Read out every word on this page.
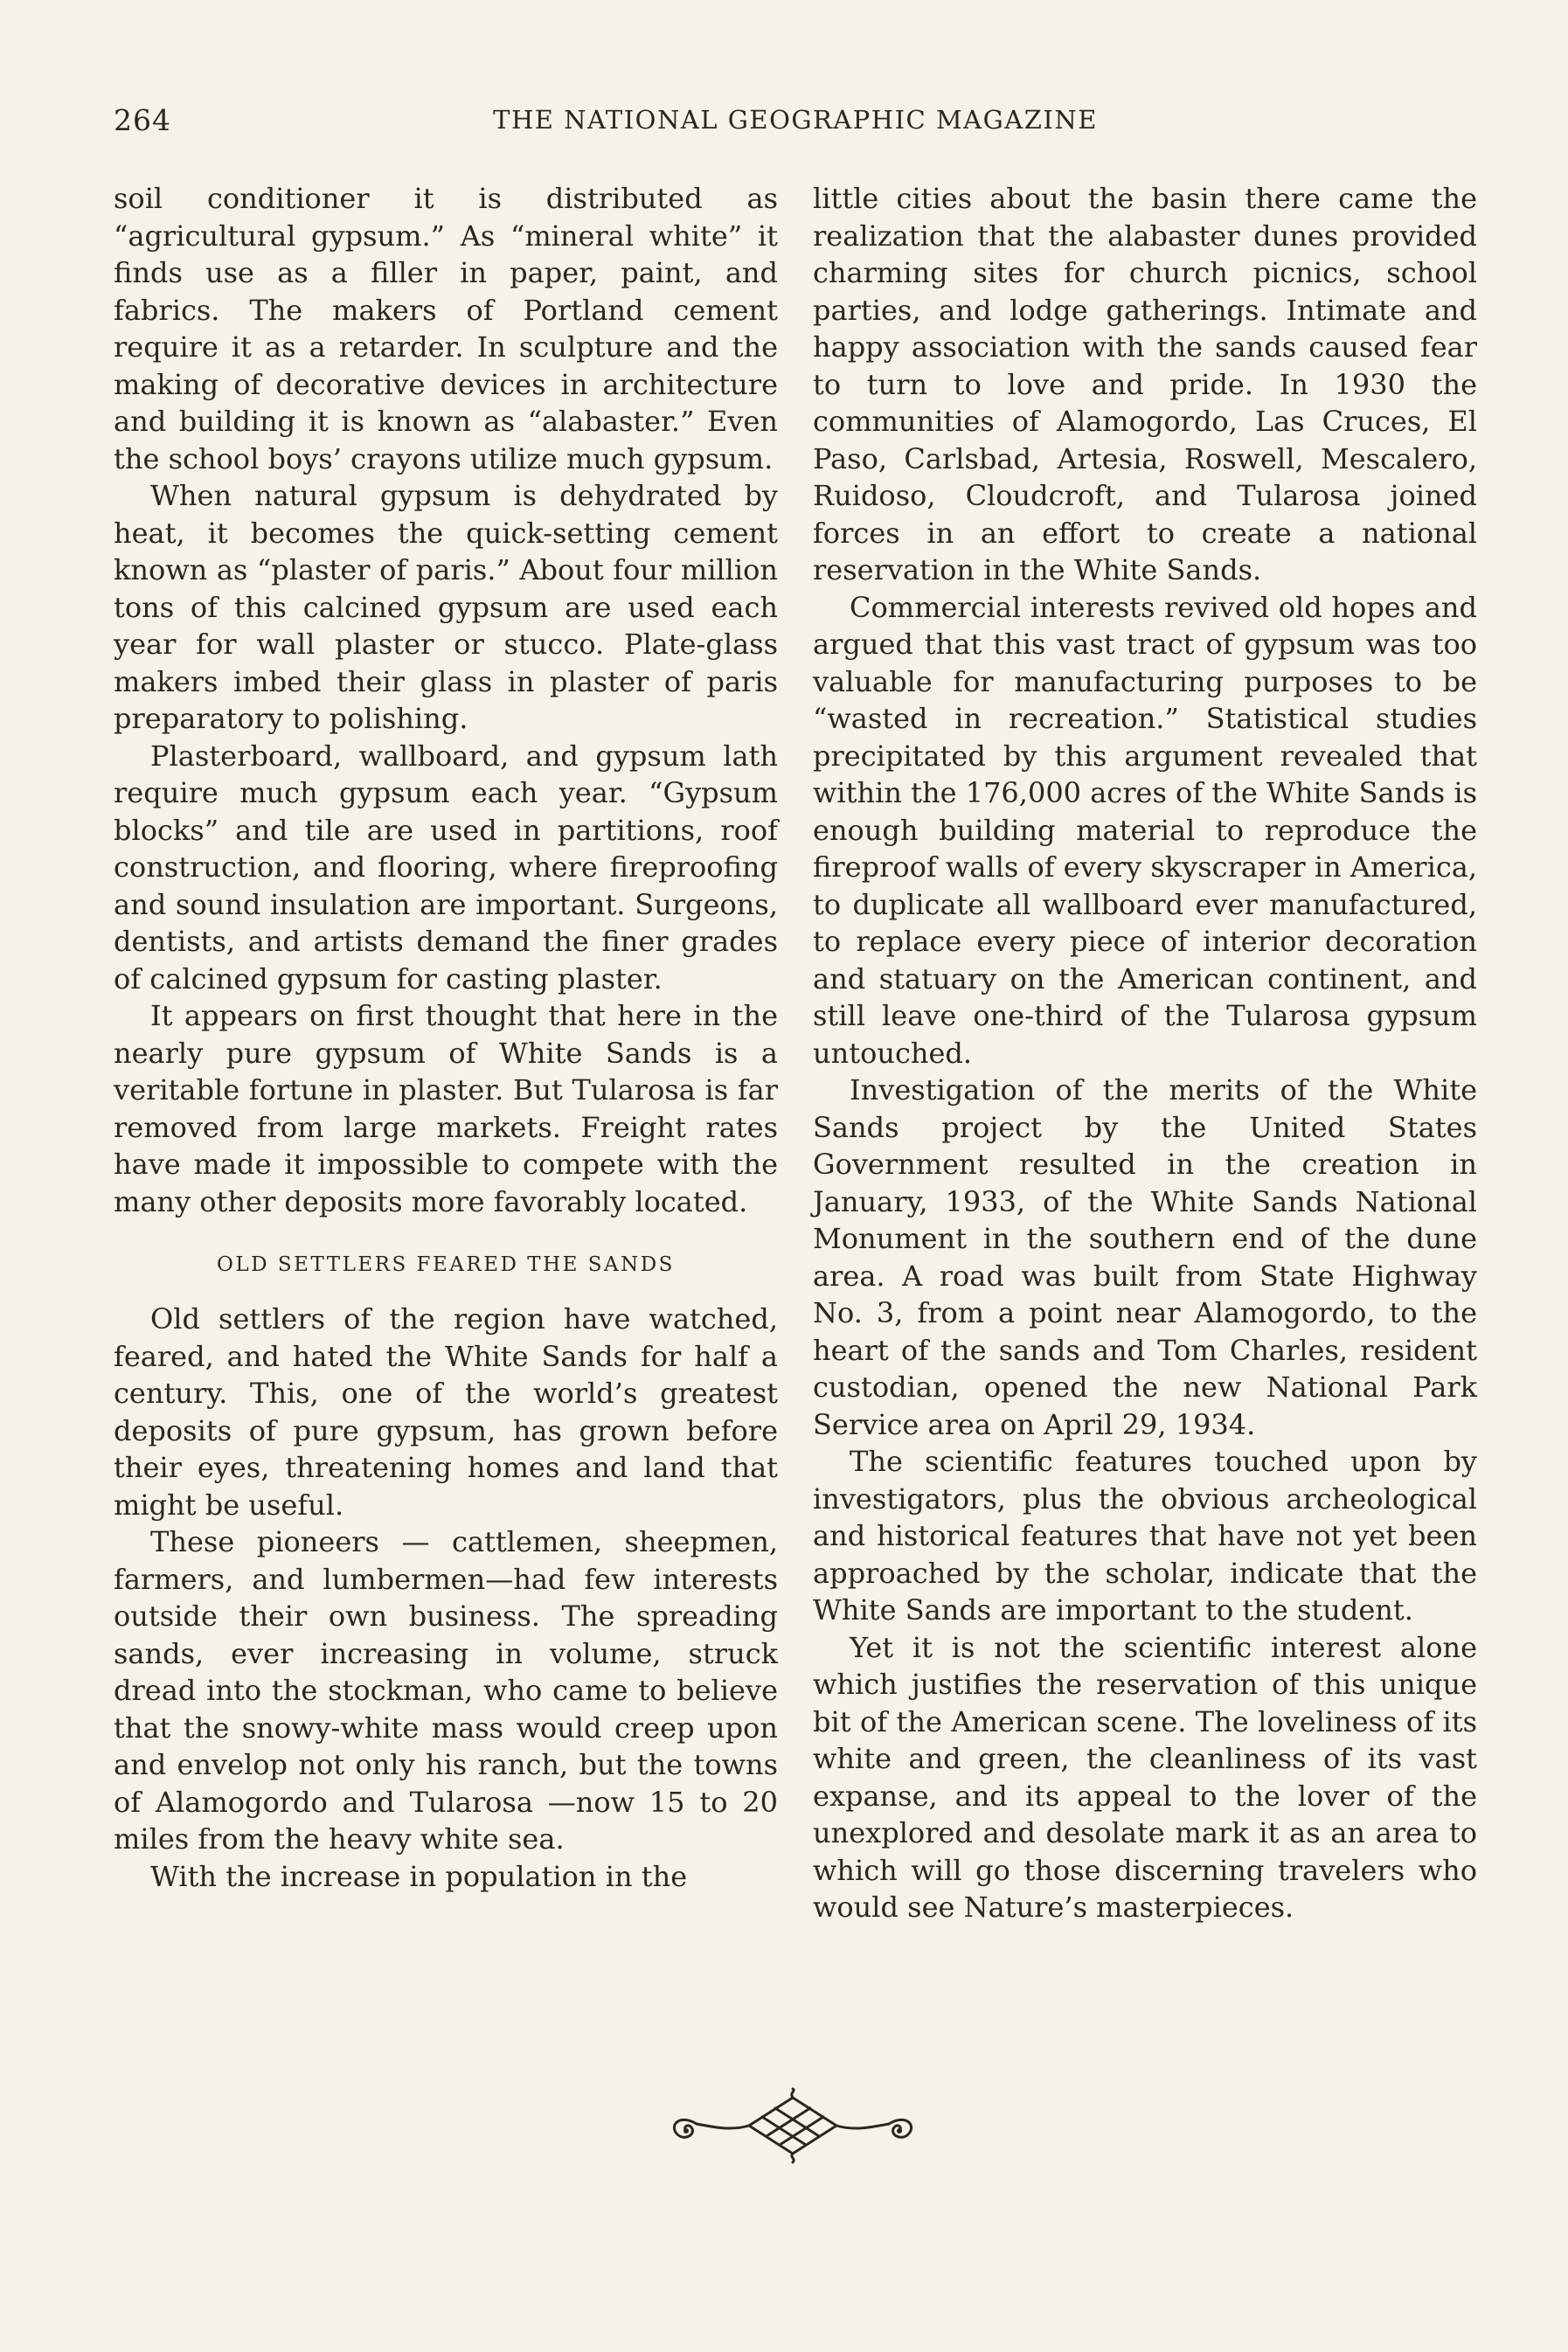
264	THE NATIONAL GEOGRAPHIC MAGAZINE

soil conditioner it is distributed as “agricultural gypsum.” As “mineral white” it finds use as a filler in paper, paint, and fabrics. The makers of Portland cement require it as a retarder. In sculpture and the making of decorative devices in architecture and building it is known as “alabaster.” Even the school boys’ crayons utilize much gypsum.

When natural gypsum is dehydrated by heat, it becomes the quick-setting cement known as “plaster of paris.” About four million tons of this calcined gypsum are used each year for wall plaster or stucco. Plate-glass makers imbed their glass in plaster of paris preparatory to polishing.

Plasterboard, wallboard, and gypsum lath require much gypsum each year. “Gypsum blocks” and tile are used in partitions, roof construction, and flooring, where fireproofing and sound insulation are important. Surgeons, dentists, and artists demand the finer grades of calcined gypsum for casting plaster.

It appears on first thought that here in the nearly pure gypsum of White Sands is a veritable fortune in plaster. But Tularosa is far removed from large markets. Freight rates have made it impossible to compete with the many other deposits more favorably located.

OLD SETTLERS FEARED THE SANDS

Old settlers of the region have watched, feared, and hated the White Sands for half a century. This, one of the world’s greatest deposits of pure gypsum, has grown before their eyes, threatening homes and land that might be useful.

These pioneers — cattlemen, sheepmen, farmers, and lumbermen—had few interests outside their own business. The spreading sands, ever increasing in volume, struck dread into the stockman, who came to believe that the snowy-white mass would creep upon and envelop not only his ranch, but the towns of Alamogordo and Tularosa —now 15 to 20 miles from the heavy white sea.

With the increase in population in the

little cities about the basin there came the realization that the alabaster dunes provided charming sites for church picnics, school parties, and lodge gatherings. Intimate and happy association with the sands caused fear to turn to love and pride. In 1930 the communities of Alamogordo, Las Cruces, El Paso, Carlsbad, Artesia, Roswell, Mescalero, Ruidoso, Cloudcroft, and Tularosa joined forces in an effort to create a national reservation in the White Sands.

Commercial interests revived old hopes and argued that this vast tract of gypsum was too valuable for manufacturing purposes to be “wasted in recreation.” Statistical studies precipitated by this argument revealed that within the 176,000 acres of the White Sands is enough building material to reproduce the fireproof walls of every skyscraper in America, to duplicate all wallboard ever manufactured, to replace every piece of interior decoration and statuary on the American continent, and still leave one-third of the Tularosa gypsum untouched.

Investigation of the merits of the White Sands project by the United States Government resulted in the creation in January, 1933, of the White Sands National Monument in the southern end of the dune area. A road was built from State Highway No. 3, from a point near Alamogordo, to the heart of the sands and Tom Charles, resident custodian, opened the new National Park Service area on April 29, 1934.

The scientific features touched upon by investigators, plus the obvious archeological and historical features that have not yet been approached by the scholar, indicate that the White Sands are important to the student.

Yet it is not the scientific interest alone which justifies the reservation of this unique bit of the American scene. The loveliness of its white and green, the cleanliness of its vast expanse, and its appeal to the lover of the unexplored and desolate mark it as an area to which will go those discerning travelers who would see Nature’s masterpieces.
